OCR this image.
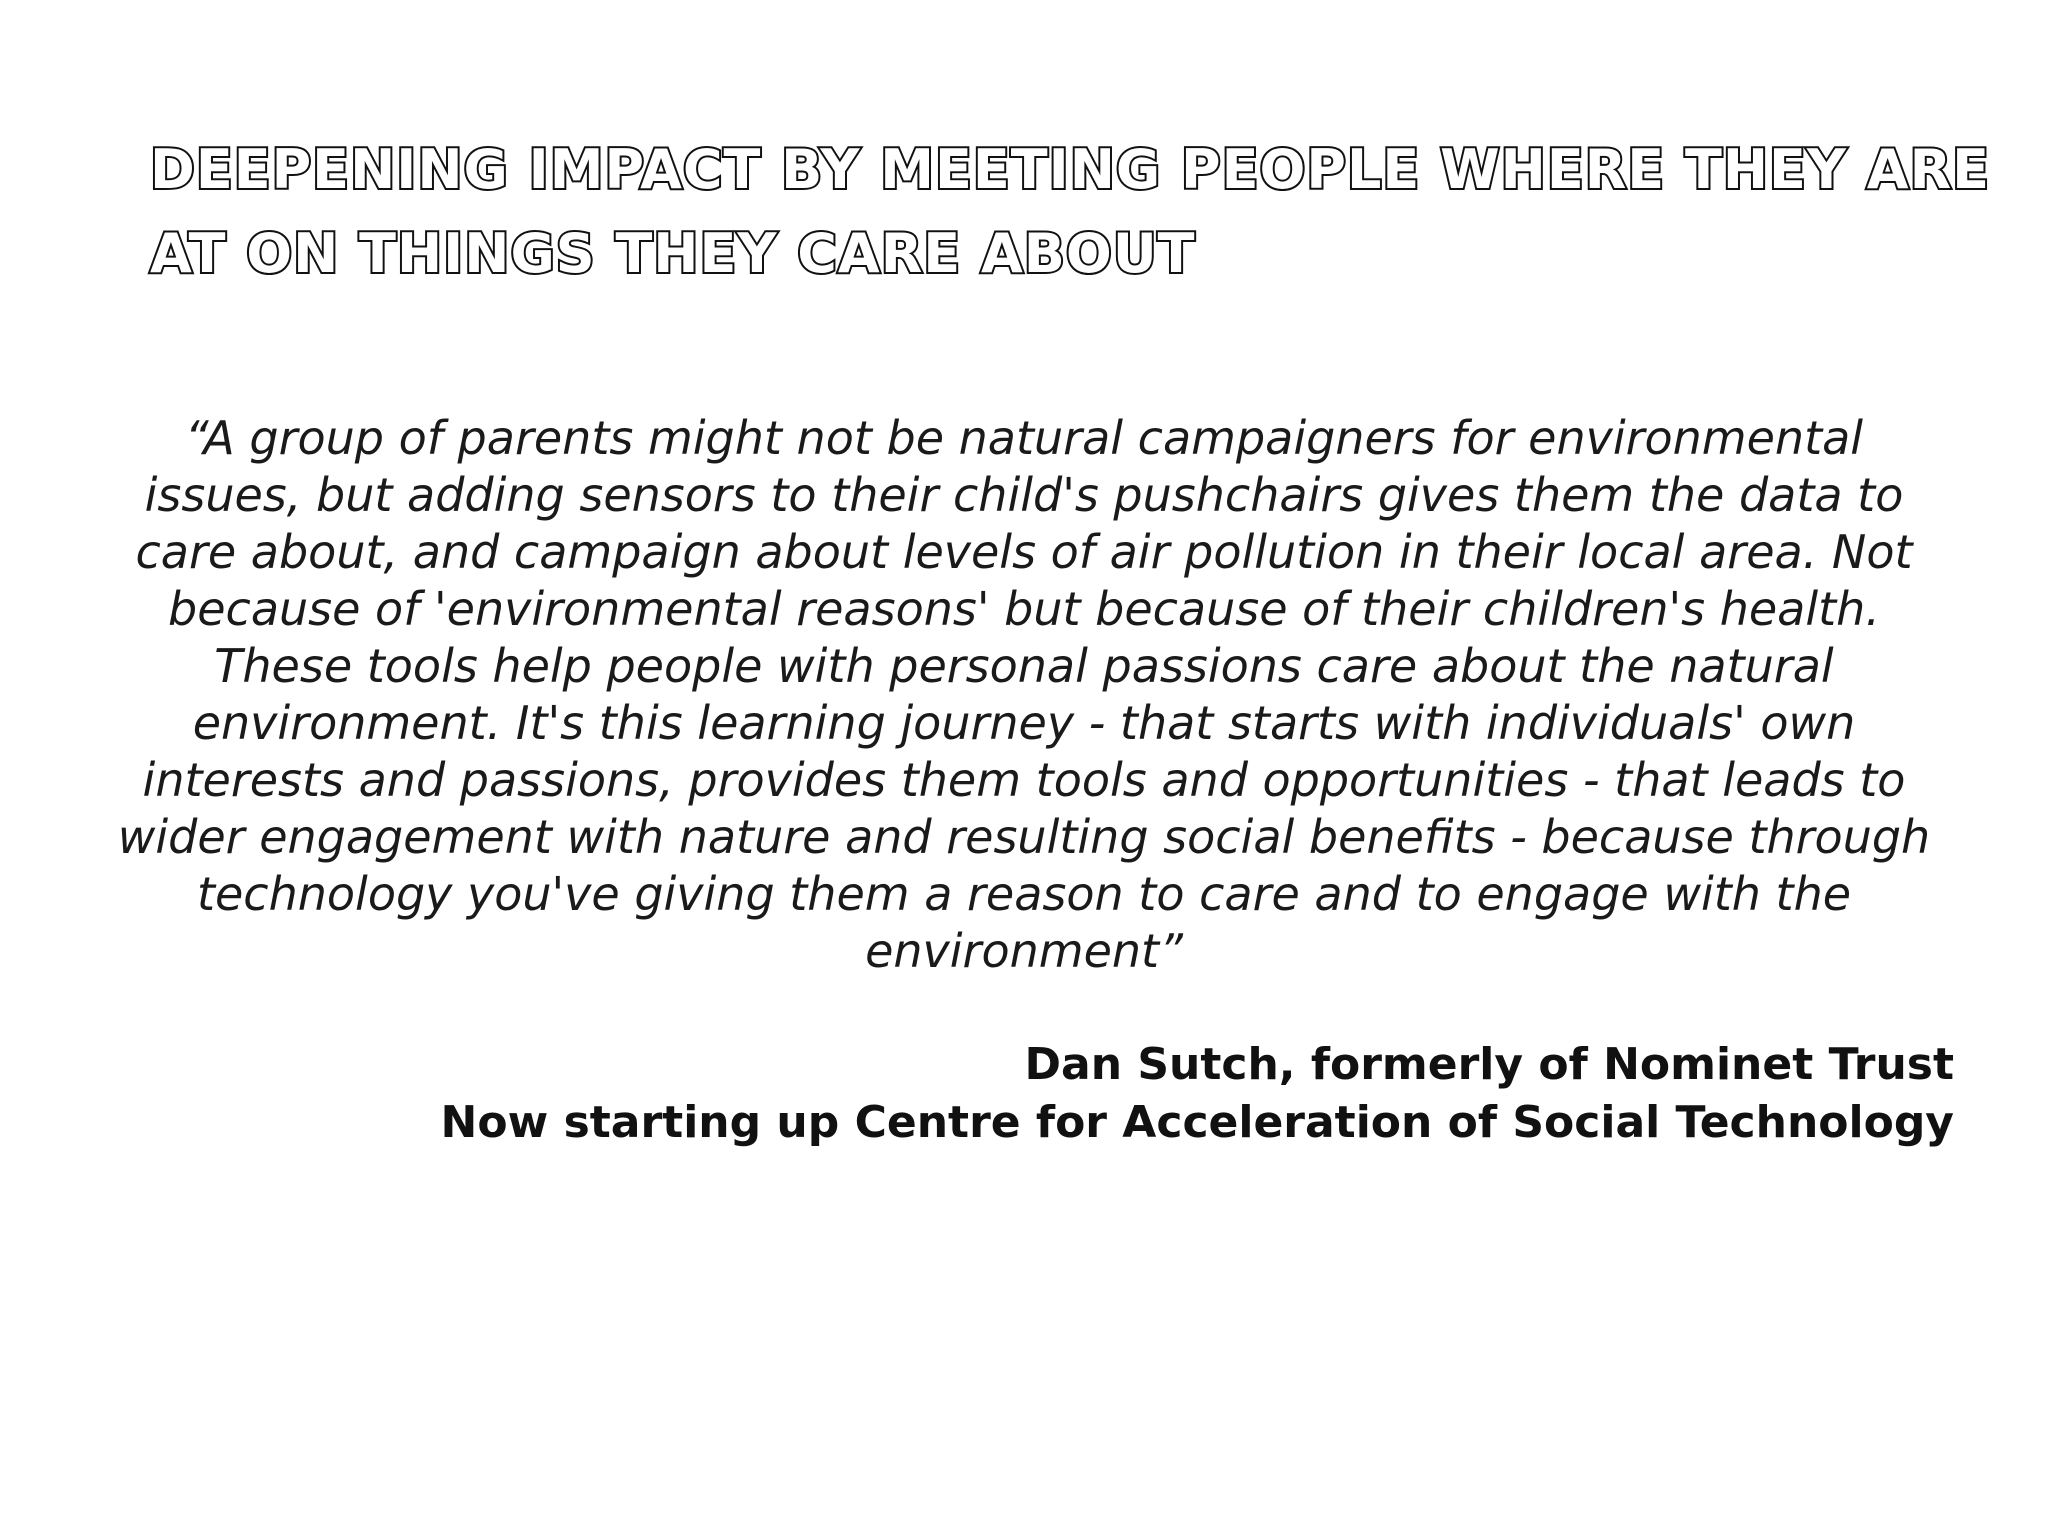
DEEPENING IMPACT BY MEETING PEOPLE WHERE THEY ARE
AT ON THINGS THEY CARE ABOUT

“A group of parents might not be natural campaigners for environmental
issues, but adding sensors to their child's pushchairs gives them the data to
care about, and campaign about levels of air pollution in their local area. Not
because of 'environmental reasons' but because of their children's health.
These tools help people with personal passions care about the natural
environment. It's this learning journey - that starts with individuals' own
interests and passions, provides them tools and opportunities - that leads to
wider engagement with nature and resulting social benefits - because through
technology you've giving them a reason to care and to engage with the
environment”

Dan Sutch, formerly of Nominet Trust
Now starting up Centre for Acceleration of Social Technology
